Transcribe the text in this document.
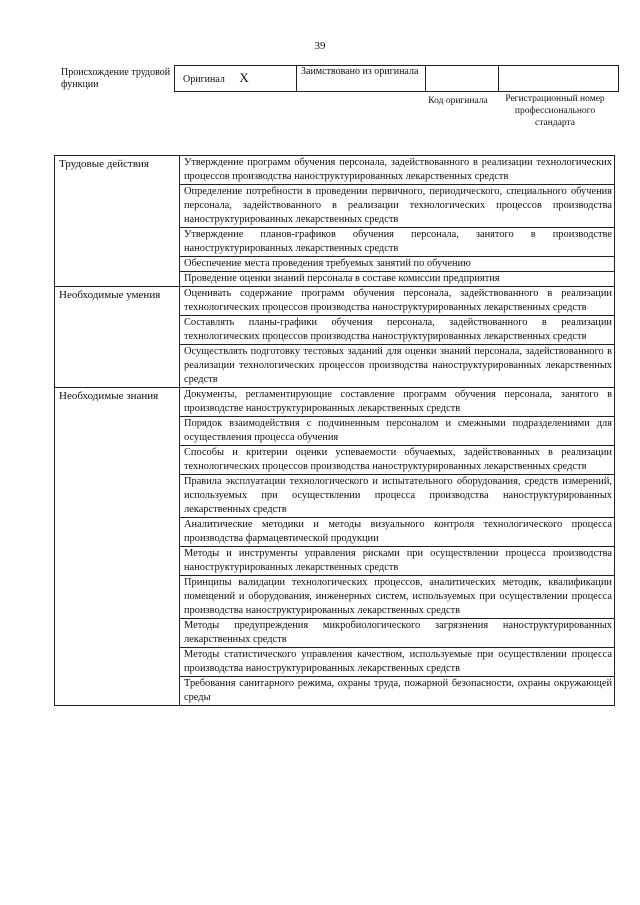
39
Происхождение трудовой функции	Оригинал X	Заимствовано из оригинала		
Код оригинала	Регистрационный номер профессионального стандарта
Трудовые действия	Утверждение программ обучения персонала, задействованного в реализации технологических процессов производства наноструктурированных лекарственных средств
	Определение потребности в проведении первичного, периодического, специального обучения персонала, задействованного в реализации технологических процессов производства наноструктурированных лекарственных средств
	Утверждение планов-графиков обучения персонала, занятого в производстве наноструктурированных лекарственных средств
	Обеспечение места проведения требуемых занятий по обучению
	Проведение оценки знаний персонала в составе комиссии предприятия
Необходимые умения	Оценивать содержание программ обучения персонала, задействованного в реализации технологических процессов производства наноструктурированных лекарственных средств
	Составлять планы-графики обучения персонала, задействованного в реализации технологических процессов производства наноструктурированных лекарственных средств
	Осуществлять подготовку тестовых заданий для оценки знаний персонала, задействованного в реализации технологических процессов производства наноструктурированных лекарственных средств
Необходимые знания	Документы, регламентирующие составление программ обучения персонала, занятого в производстве наноструктурированных лекарственных средств
	Порядок взаимодействия с подчиненным персоналом и смежными подразделениями для осуществления процесса обучения
	Способы и критерии оценки успеваемости обучаемых, задействованных в реализации технологических процессов производства наноструктурированных лекарственных средств
	Правила эксплуатации технологического и испытательного оборудования, средств измерений, используемых при осуществлении процесса производства наноструктурированных лекарственных средств
	Аналитические методики и методы визуального контроля технологического процесса производства фармацевтической продукции
	Методы и инструменты управления рисками при осуществлении процесса производства наноструктурированных лекарственных средств
	Принципы валидации технологических процессов, аналитических методик, квалификации помещений и оборудования, инженерных систем, используемых при осуществлении процесса производства наноструктурированных лекарственных средств
	Методы предупреждения микробиологического загрязнения наноструктурированных лекарственных средств
	Методы статистического управления качеством, используемые при осуществлении процесса производства наноструктурированных лекарственных средств
	Требования санитарного режима, охраны труда, пожарной безопасности, охраны окружающей среды
